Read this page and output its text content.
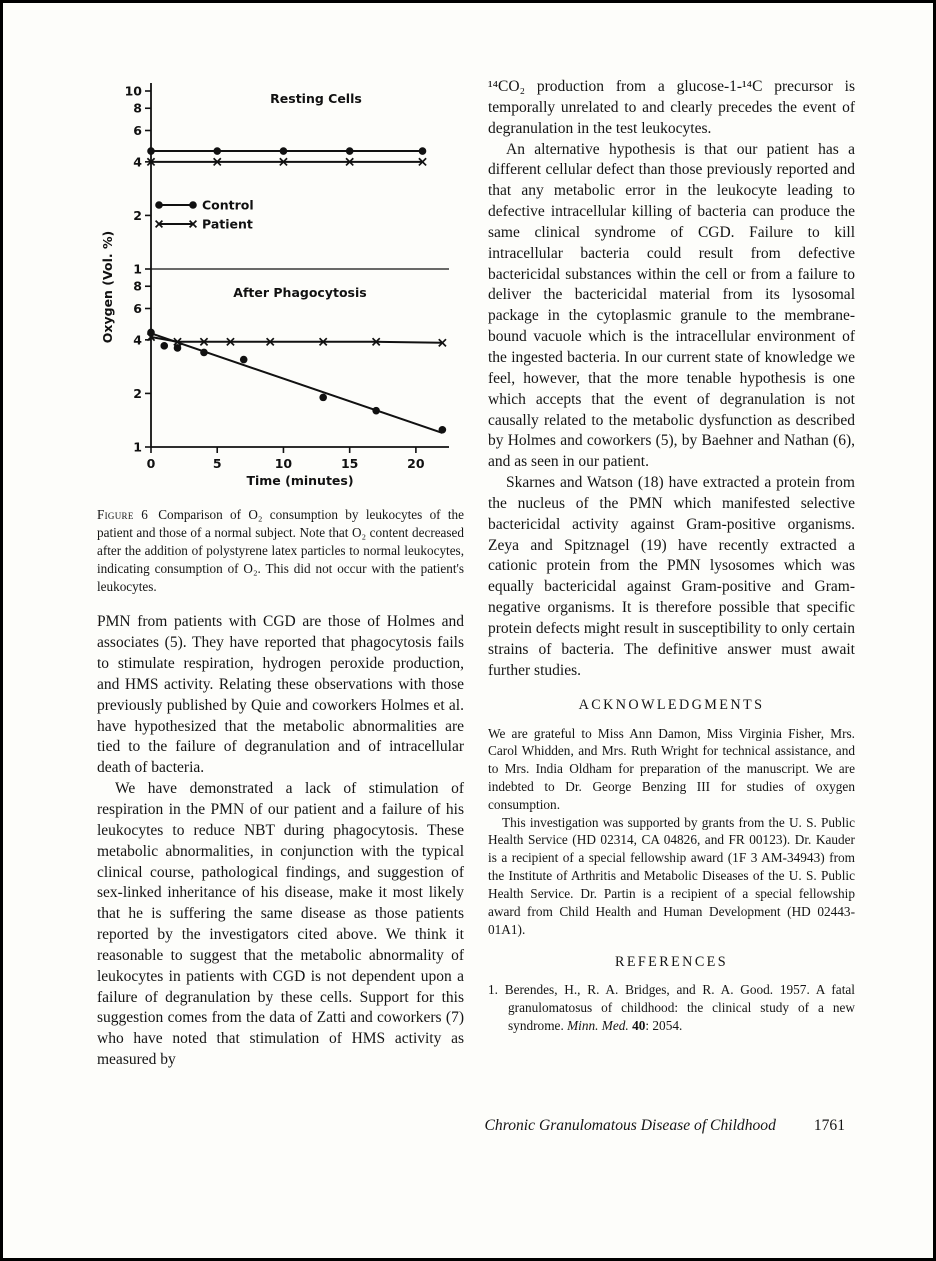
0	5	10	15	20
Time (minutes)
Oxygen (Vol. %)
10
8
6
4
2
1
Resting Cells
Control
Patient
8
6
4
2
1
After Phagocytosis
Figure 6 Comparison of O₂ consumption by leukocytes of the patient and those of a normal subject. Note that O₂ content decreased after the addition of polystyrene latex particles to normal leukocytes, indicating consumption of O₂. This did not occur with the patient's leukocytes.

PMN from patients with CGD are those of Holmes and associates (5). They have reported that phagocytosis fails to stimulate respiration, hydrogen peroxide production, and HMS activity. Relating these observations with those previously published by Quie and coworkers Holmes et al. have hypothesized that the metabolic abnormalities are tied to the failure of degranulation and of intracellular death of bacteria.

We have demonstrated a lack of stimulation of respiration in the PMN of our patient and a failure of his leukocytes to reduce NBT during phagocytosis. These metabolic abnormalities, in conjunction with the typical clinical course, pathological findings, and suggestion of sex-linked inheritance of his disease, make it most likely that he is suffering the same disease as those patients reported by the investigators cited above. We think it reasonable to suggest that the metabolic abnormality of leukocytes in patients with CGD is not dependent upon a failure of degranulation by these cells. Support for this suggestion comes from the data of Zatti and coworkers (7) who have noted that stimulation of HMS activity as measured by

¹⁴CO₂ production from a glucose-1-¹⁴C precursor is temporally unrelated to and clearly precedes the event of degranulation in the test leukocytes.

An alternative hypothesis is that our patient has a different cellular defect than those previously reported and that any metabolic error in the leukocyte leading to defective intracellular killing of bacteria can produce the same clinical syndrome of CGD. Failure to kill intracellular bacteria could result from defective bactericidal substances within the cell or from a failure to deliver the bactericidal material from its lysosomal package in the cytoplasmic granule to the membrane-bound vacuole which is the intracellular environment of the ingested bacteria. In our current state of knowledge we feel, however, that the more tenable hypothesis is one which accepts that the event of degranulation is not causally related to the metabolic dysfunction as described by Holmes and coworkers (5), by Baehner and Nathan (6), and as seen in our patient.

Skarnes and Watson (18) have extracted a protein from the nucleus of the PMN which manifested selective bactericidal activity against Gram-positive organisms. Zeya and Spitznagel (19) have recently extracted a cationic protein from the PMN lysosomes which was equally bactericidal against Gram-positive and Gram-negative organisms. It is therefore possible that specific protein defects might result in susceptibility to only certain strains of bacteria. The definitive answer must await further studies.

ACKNOWLEDGMENTS

We are grateful to Miss Ann Damon, Miss Virginia Fisher, Mrs. Carol Whidden, and Mrs. Ruth Wright for technical assistance, and to Mrs. India Oldham for preparation of the manuscript. We are indebted to Dr. George Benzing III for studies of oxygen consumption.

This investigation was supported by grants from the U. S. Public Health Service (HD 02314, CA 04826, and FR 00123). Dr. Kauder is a recipient of a special fellowship award (1F 3 AM-34943) from the Institute of Arthritis and Metabolic Diseases of the U. S. Public Health Service. Dr. Partin is a recipient of a special fellowship award from Child Health and Human Development (HD 02443-01A1).

REFERENCES
1. Berendes, H., R. A. Bridges, and R. A. Good. 1957. A fatal granulomatosus of childhood: the clinical study of a new syndrome. Minn. Med. 40: 2054.
Chronic Granulomatous Disease of Childhood 1761
